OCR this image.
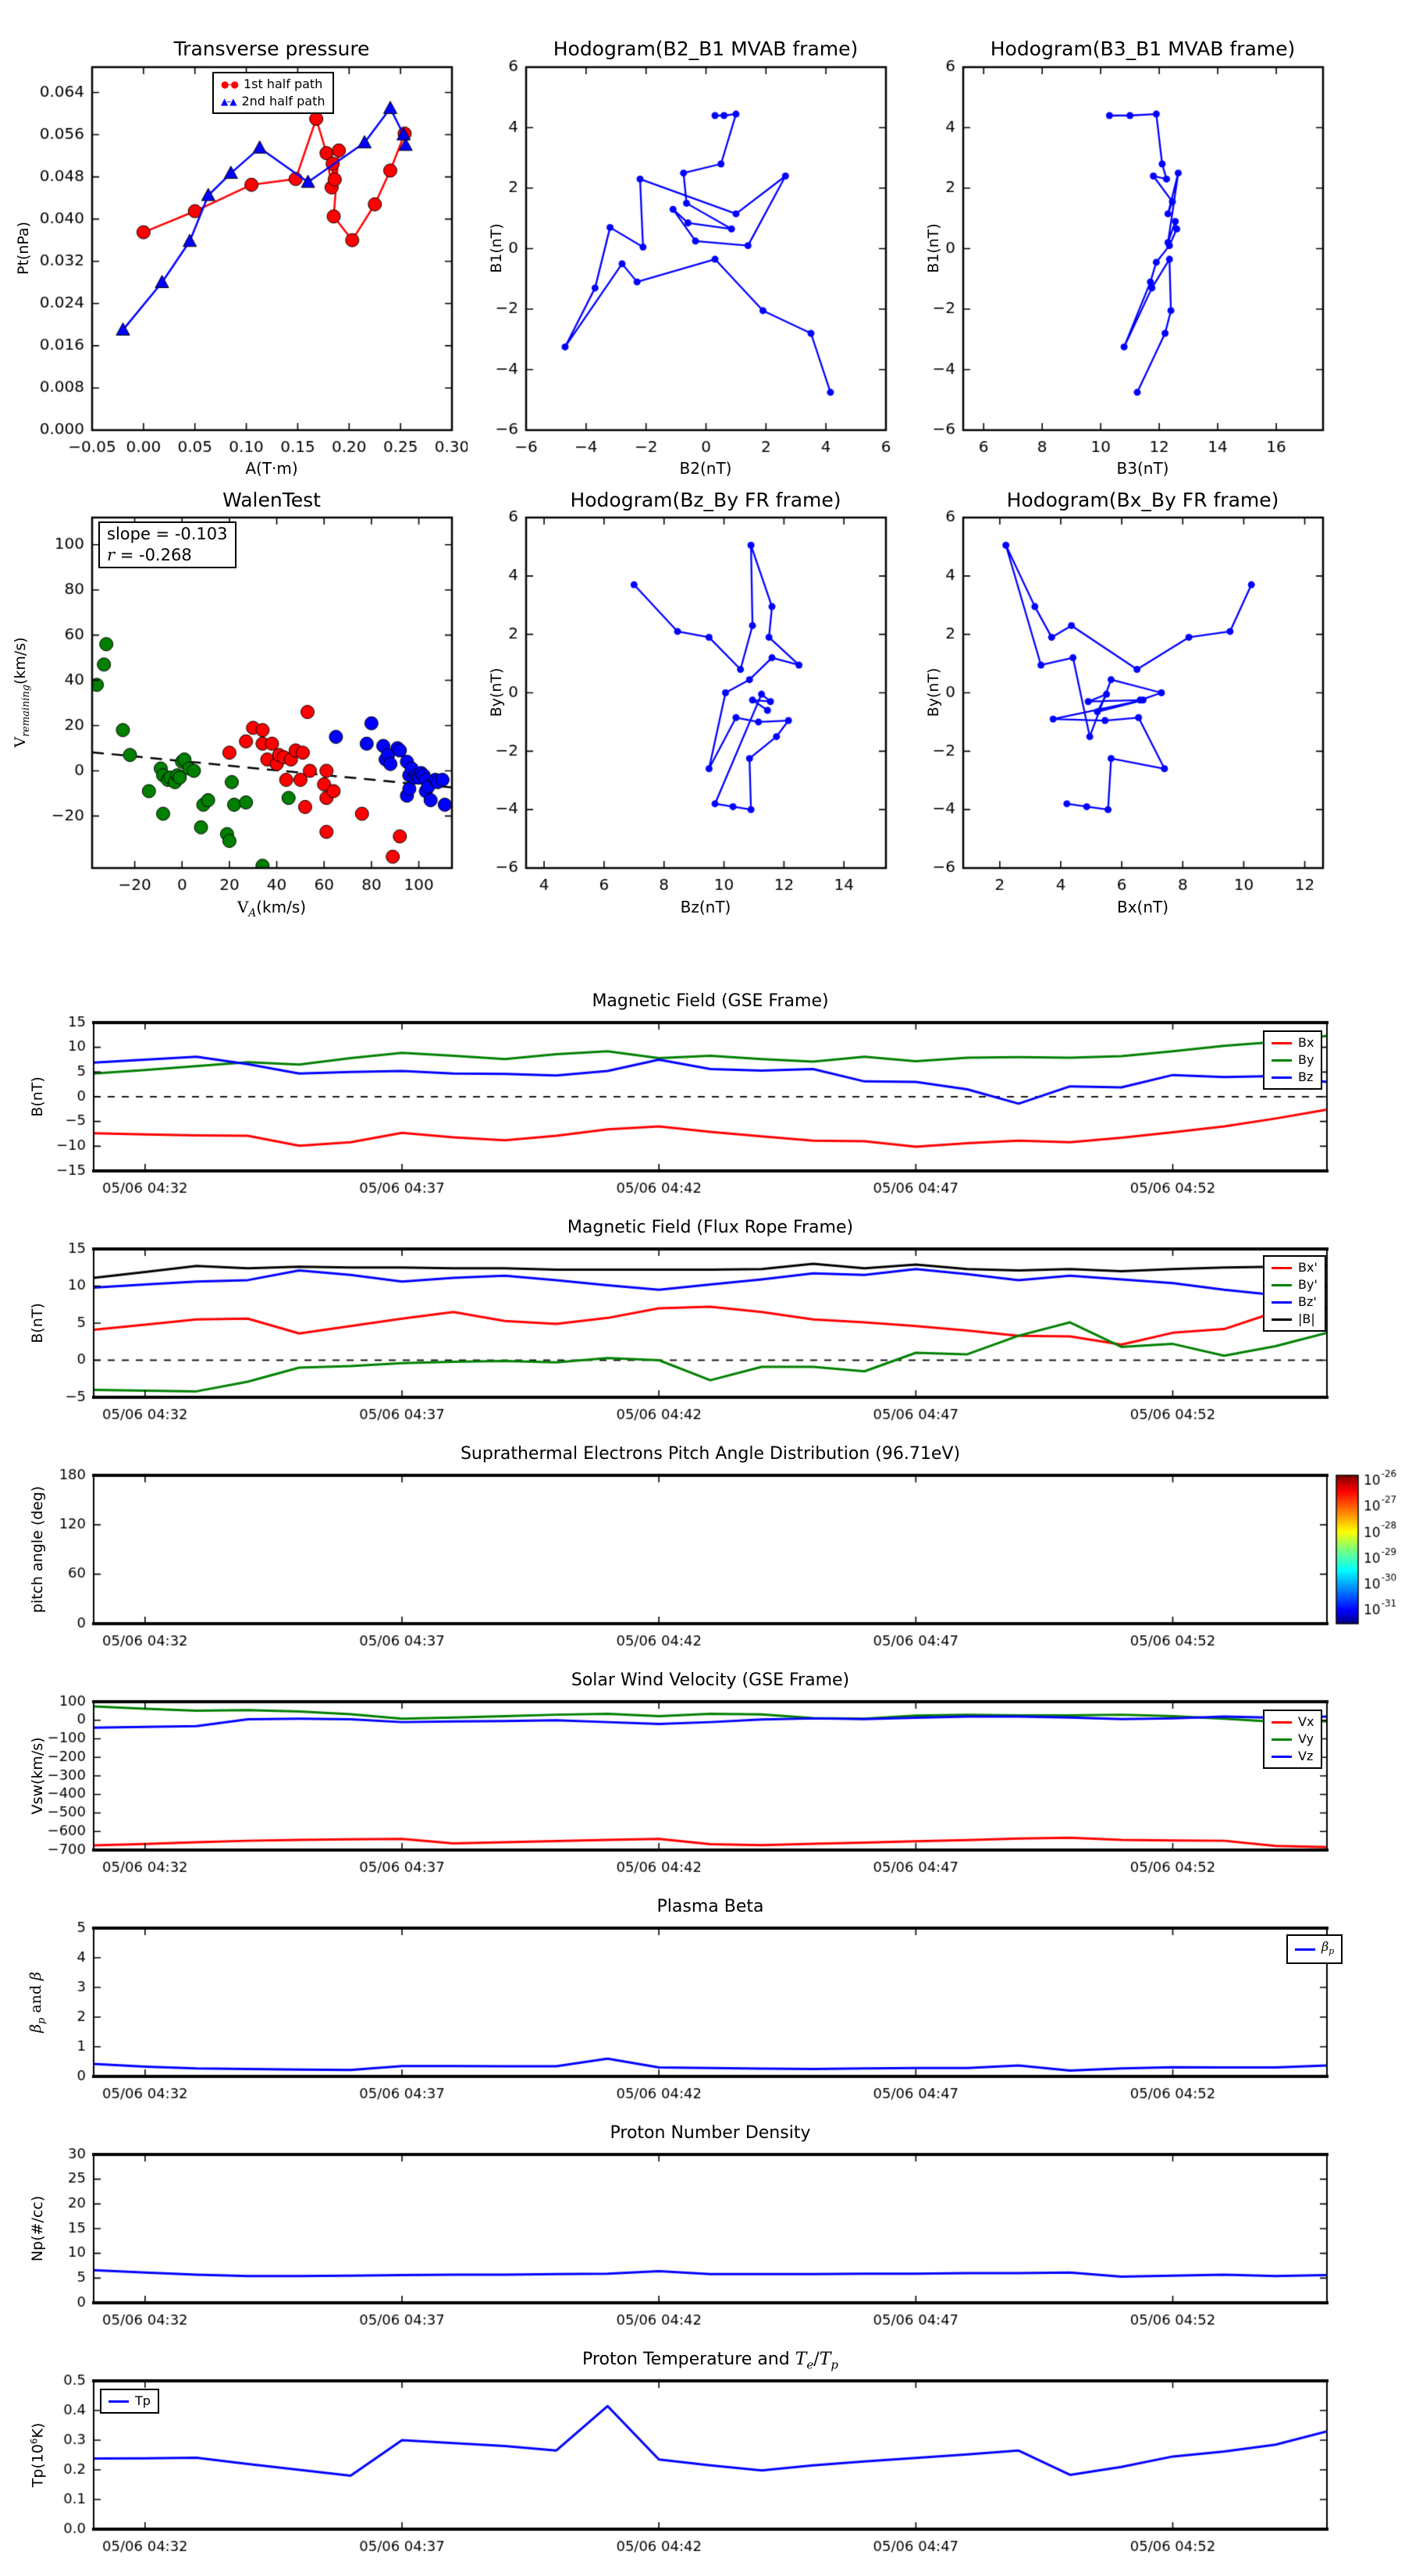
Transverse pressure	Hodogram(B2_B1 MVAB frame)	Hodogram(B3_B1 MVAB frame)
A(T·m)	B2(nT)	B3(nT)
Pt(nPa)	B1(nT)	B1(nT)
WalenTest	Hodogram(Bz_By FR frame)	Hodogram(Bx_By FR frame)
$V_A(km/s)$	Bz(nT)	Bx(nT)
$V_{remaining}(km/s)$
By(nT)	By(nT)
slope = -0.103
r = -0.268
Magnetic Field (GSE Frame)
Magnetic Field (Flux Rope Frame)
Suprathermal Electrons Pitch Angle Distribution (96.71eV)
Solar Wind Velocity (GSE Frame)
Plasma Beta
Proton Number Density
Proton Temperature and $T_e/T_p$
B(nT)
B(nT)
pitch angle (deg)
Vsw(km/s)
$\beta_p$ and β
Np(#/cc)
$Tp(10^6K)$
●–● 1st half path
▲–▲ 2nd half path
Bx
By
Bz
Bx'
By'
Bz'
|B|
Vx
Vy
Vz
$\beta_p$
Tp
